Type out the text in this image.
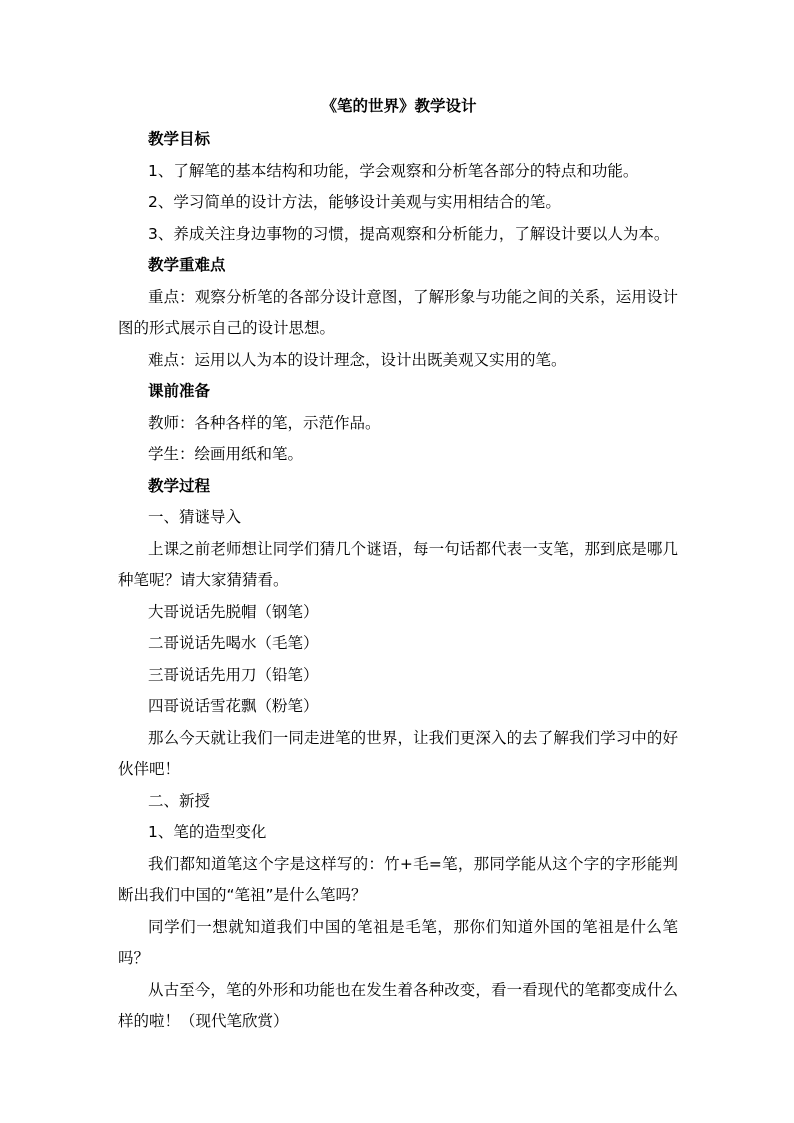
《笔的世界》教学设计

教学目标

1、了解笔的基本结构和功能，学会观察和分析笔各部分的特点和功能。

2、学习简单的设计方法，能够设计美观与实用相结合的笔。

3、养成关注身边事物的习惯，提高观察和分析能力，了解设计要以人为本。

教学重难点

重点：观察分析笔的各部分设计意图，了解形象与功能之间的关系，运用设计图的形式展示自己的设计思想。

难点：运用以人为本的设计理念，设计出既美观又实用的笔。

课前准备

教师：各种各样的笔，示范作品。

学生：绘画用纸和笔。

教学过程

一、猜谜导入

上课之前老师想让同学们猜几个谜语，每一句话都代表一支笔，那到底是哪几种笔呢？请大家猜猜看。

大哥说话先脱帽（钢笔）

二哥说话先喝水（毛笔）

三哥说话先用刀（铅笔）

四哥说话雪花飘（粉笔）

那么今天就让我们一同走进笔的世界，让我们更深入的去了解我们学习中的好伙伴吧！

二、新授

1、笔的造型变化

我们都知道笔这个字是这样写的：竹+毛=笔，那同学能从这个字的字形能判断出我们中国的“笔祖”是什么笔吗？

同学们一想就知道我们中国的笔祖是毛笔，那你们知道外国的笔祖是什么笔吗？

从古至今，笔的外形和功能也在发生着各种改变，看一看现代的笔都变成什么样的啦！（现代笔欣赏）
